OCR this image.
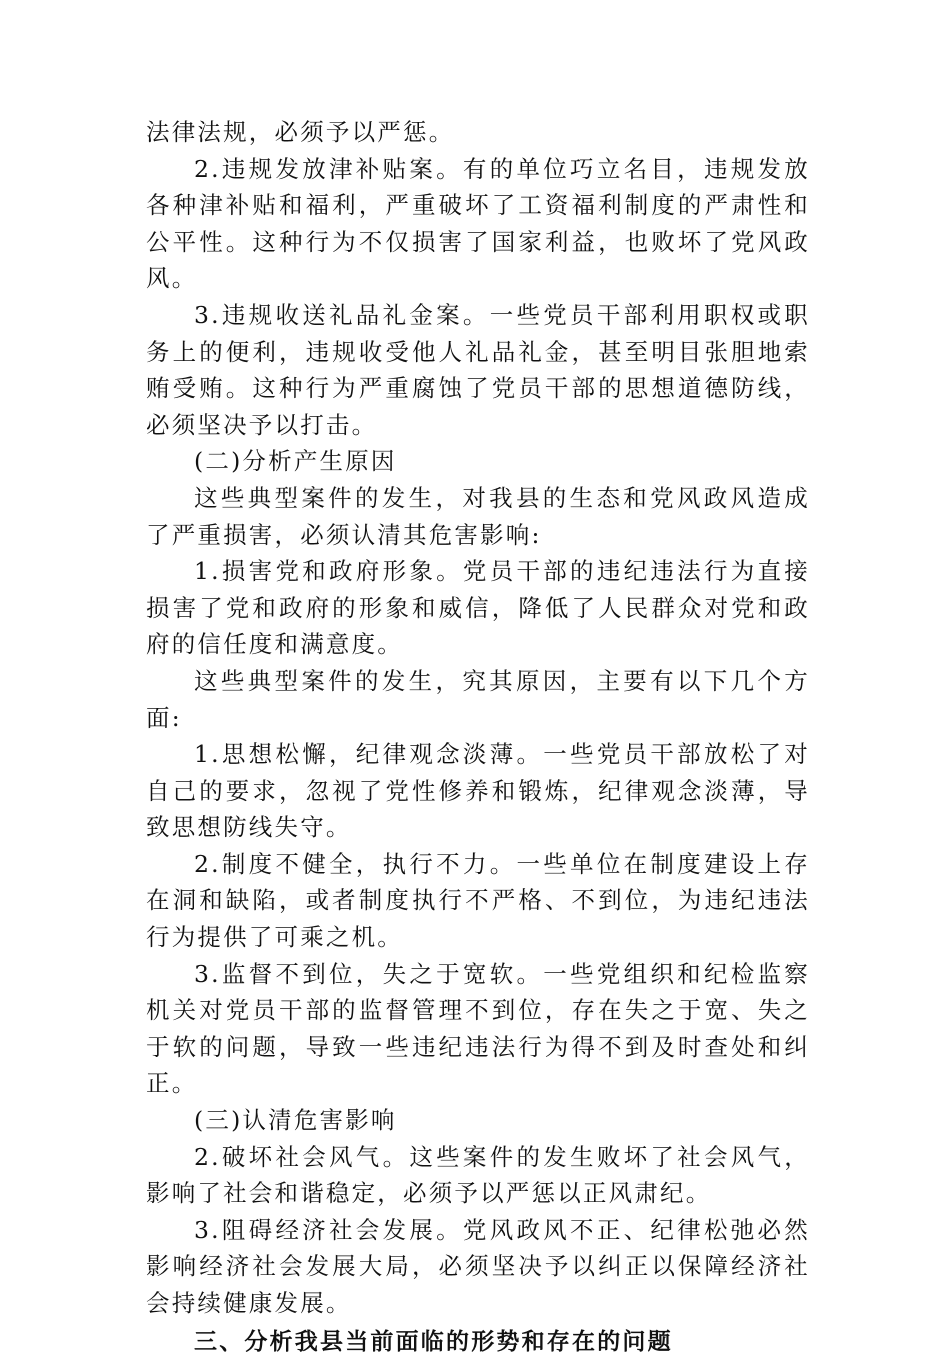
法律法规，必须予以严惩。

2.违规发放津补贴案。有的单位巧立名目，违规发放各种津补贴和福利，严重破坏了工资福利制度的严肃性和公平性。这种行为不仅损害了国家利益，也败坏了党风政风。

3.违规收送礼品礼金案。一些党员干部利用职权或职务上的便利，违规收受他人礼品礼金，甚至明目张胆地索贿受贿。这种行为严重腐蚀了党员干部的思想道德防线，必须坚决予以打击。

(二)分析产生原因

这些典型案件的发生，对我县的生态和党风政风造成了严重损害，必须认清其危害影响:

1.损害党和政府形象。党员干部的违纪违法行为直接损害了党和政府的形象和威信，降低了人民群众对党和政府的信任度和满意度。

这些典型案件的发生，究其原因，主要有以下几个方面:

1.思想松懈，纪律观念淡薄。一些党员干部放松了对自己的要求，忽视了党性修养和锻炼，纪律观念淡薄，导致思想防线失守。

2.制度不健全，执行不力。一些单位在制度建设上存在洞和缺陷，或者制度执行不严格、不到位，为违纪违法行为提供了可乘之机。

3.监督不到位，失之于宽软。一些党组织和纪检监察机关对党员干部的监督管理不到位，存在失之于宽、失之于软的问题，导致一些违纪违法行为得不到及时查处和纠正。

(三)认清危害影响

2.破坏社会风气。这些案件的发生败坏了社会风气，影响了社会和谐稳定，必须予以严惩以正风肃纪。

3.阻碍经济社会发展。党风政风不正、纪律松弛必然影响经济社会发展大局，必须坚决予以纠正以保障经济社会持续健康发展。

三、分析我县当前面临的形势和存在的问题
